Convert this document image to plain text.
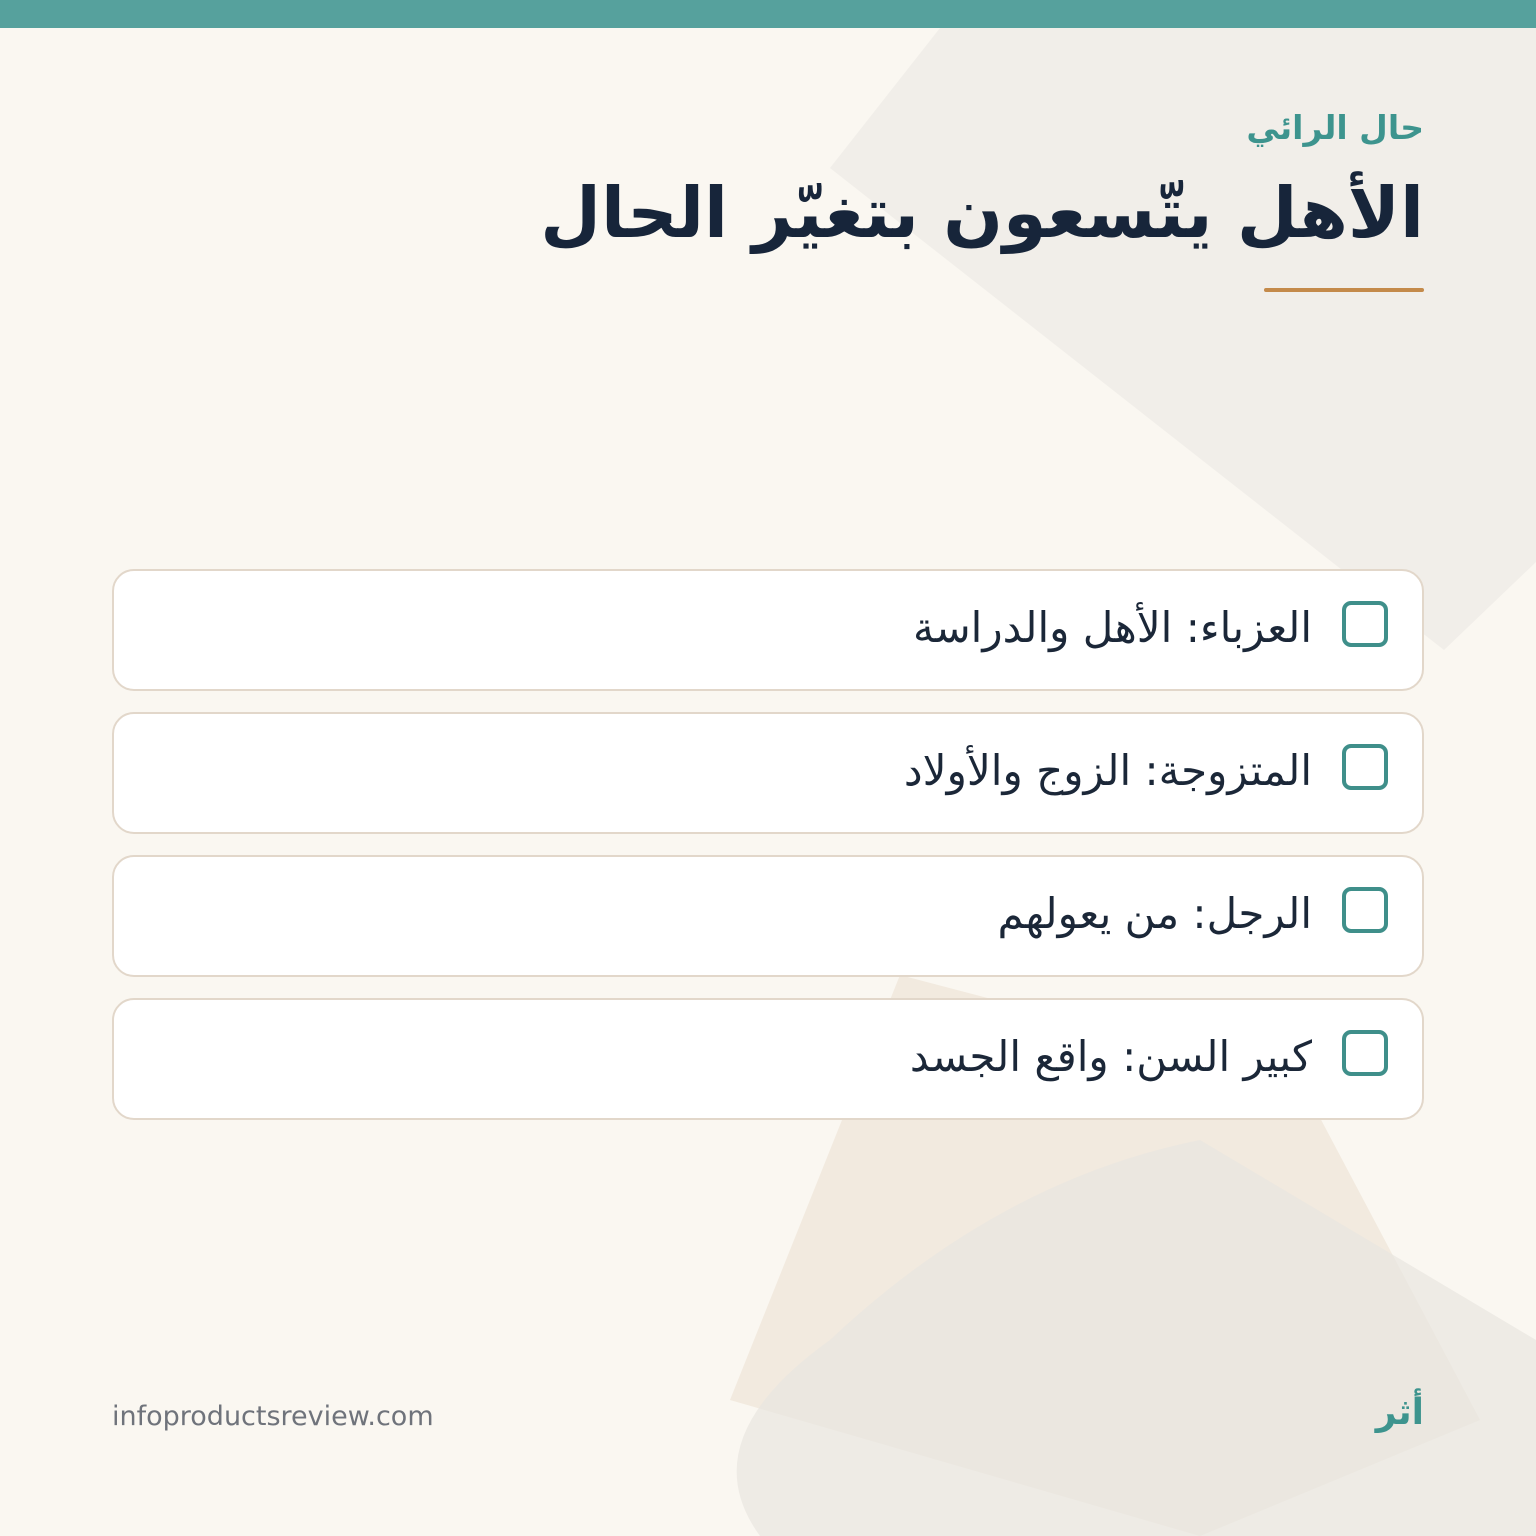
حال الرائي
الأهل يتّسعون بتغيّر الحال
العزباء: الأهل والدراسة
المتزوجة: الزوج والأولاد
الرجل: من يعولهم
كبير السن: واقع الجسد
infoproductsreview.com	أثر
